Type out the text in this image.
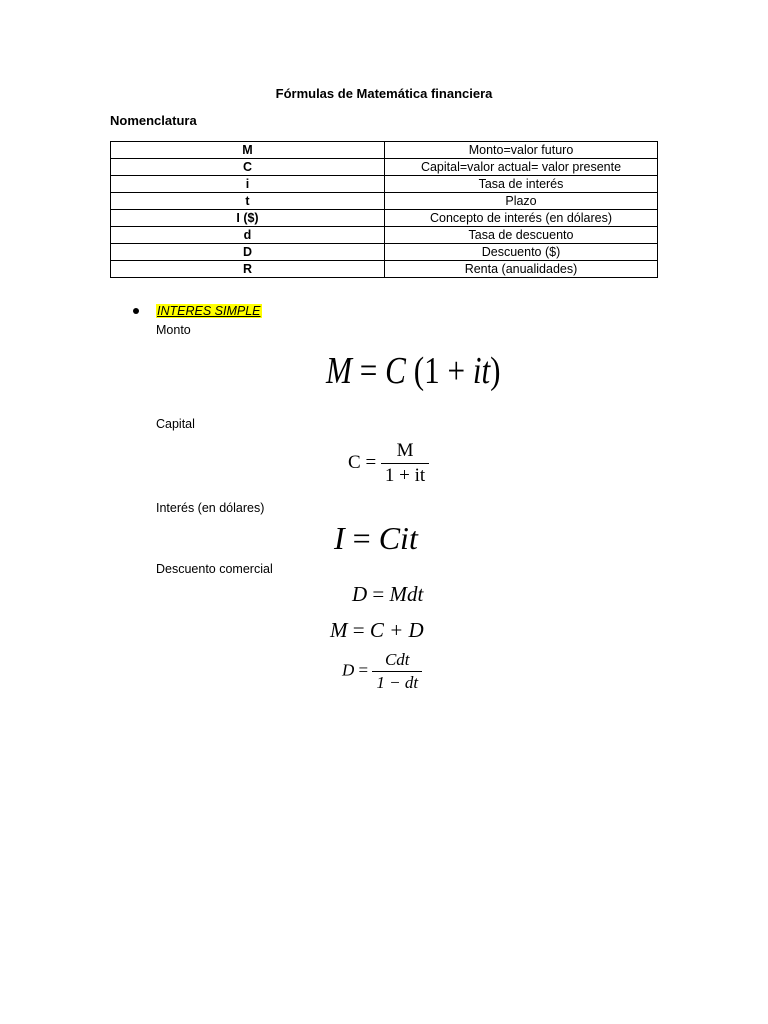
Fórmulas de Matemática financiera
Nomenclatura
M	Monto=valor futuro
C	Capital=valor actual= valor presente
i	Tasa de interés
t	Plazo
I ($)	Concepto de interés (en dólares)
d	Tasa de descuento
D	Descuento ($)
R	Renta (anualidades)
INTERES SIMPLE
Monto
M = C (1 + it)
Capital
$C = \frac{M}{1 + it}$
Interés (en dólares)
I = Cit
Descuento comercial
D = Mdt
M = C + D
$D = \frac{\text{Cdt}}{1 - dt}$
